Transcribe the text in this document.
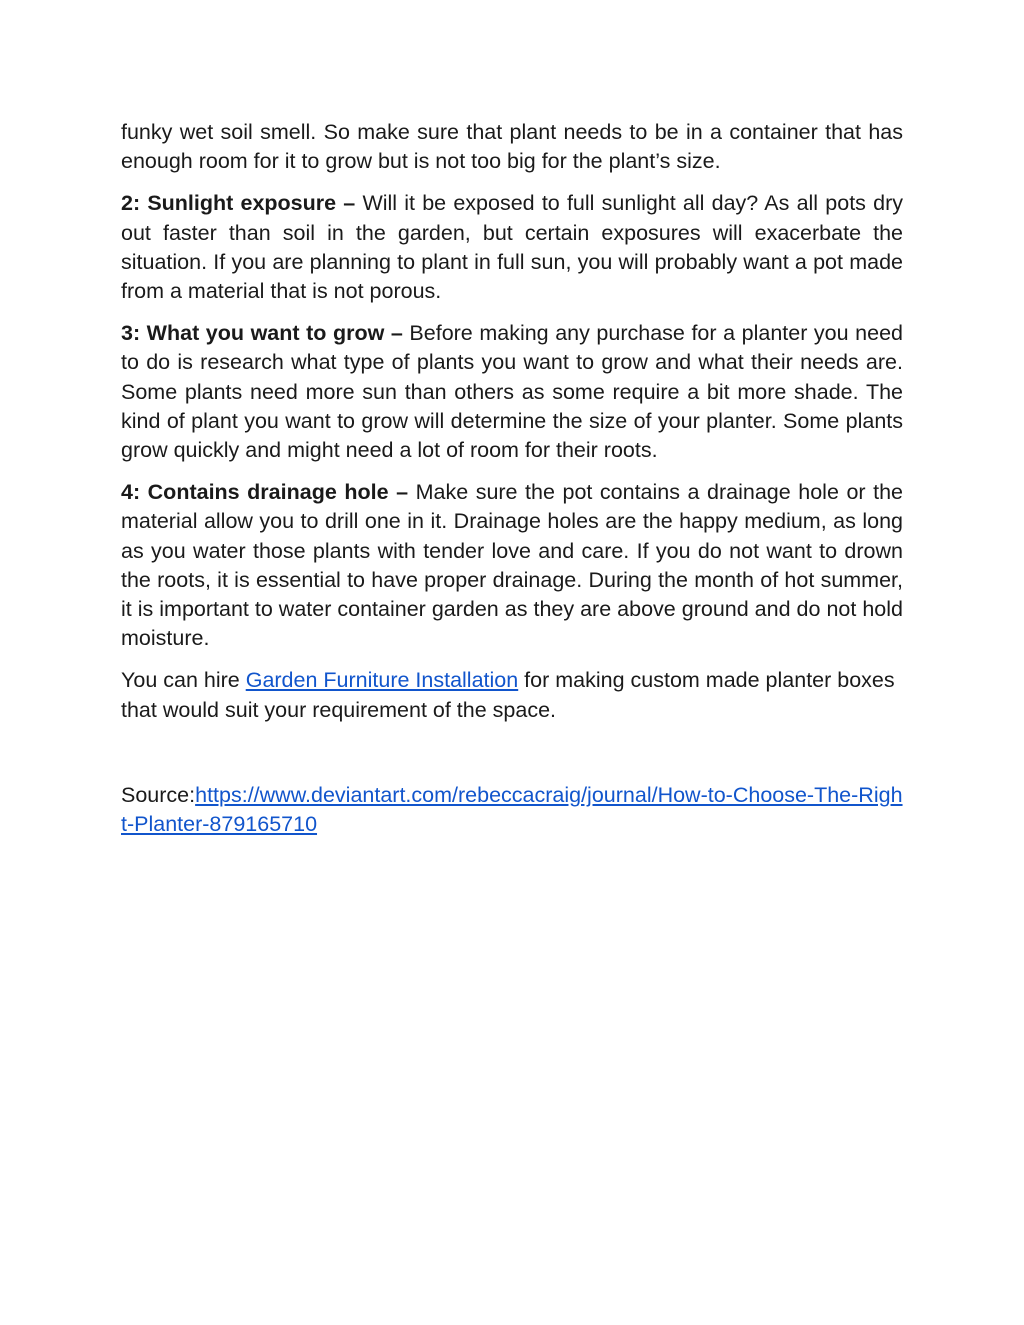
funky wet soil smell. So make sure that plant needs to be in a container that has enough room for it to grow but is not too big for the plant’s size.

2: Sunlight exposure – Will it be exposed to full sunlight all day? As all pots dry out faster than soil in the garden, but certain exposures will exacerbate the situation. If you are planning to plant in full sun, you will probably want a pot made from a material that is not porous.

3: What you want to grow – Before making any purchase for a planter you need to do is research what type of plants you want to grow and what their needs are. Some plants need more sun than others as some require a bit more shade. The kind of plant you want to grow will determine the size of your planter. Some plants grow quickly and might need a lot of room for their roots.

4: Contains drainage hole – Make sure the pot contains a drainage hole or the material allow you to drill one in it. Drainage holes are the happy medium, as long as you water those plants with tender love and care. If you do not want to drown the roots, it is essential to have proper drainage. During the month of hot summer, it is important to water container garden as they are above ground and do not hold moisture.

You can hire Garden Furniture Installation for making custom made planter boxes that would suit your requirement of the space.

Source:https://www.deviantart.com/rebeccacraig/journal/How-to-Choose-The-Right-Planter-879165710
